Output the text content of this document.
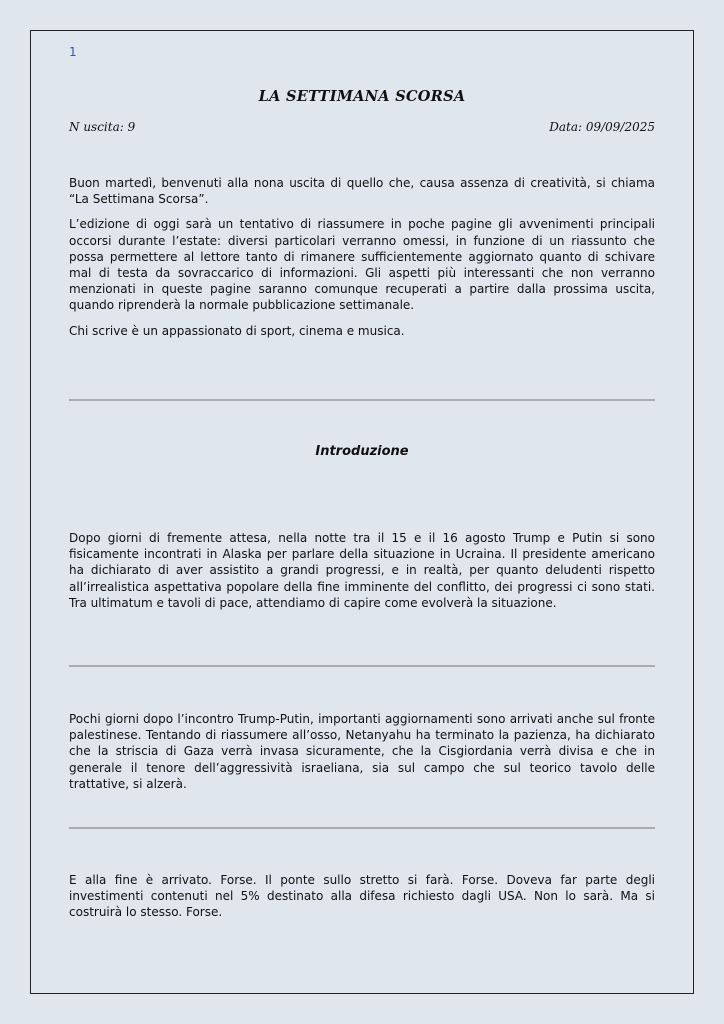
1
LA SETTIMANA SCORSA
N uscita: 9	Data: 09/09/2025

Buon martedì, benvenuti alla nona uscita di quello che, causa assenza di creatività, si chiama “La Settimana Scorsa”.

L’edizione di oggi sarà un tentativo di riassumere in poche pagine gli avvenimenti principali occorsi durante l’estate: diversi particolari verranno omessi, in funzione di un riassunto che possa permettere al lettore tanto di rimanere sufficientemente aggiornato quanto di schivare mal di testa da sovraccarico di informazioni. Gli aspetti più interessanti che non verranno menzionati in queste pagine saranno comunque recuperati a partire dalla prossima uscita, quando riprenderà la normale pubblicazione settimanale.

Chi scrive è un appassionato di sport, cinema e musica.

Introduzione

Dopo giorni di fremente attesa, nella notte tra il 15 e il 16 agosto Trump e Putin si sono fisicamente incontrati in Alaska per parlare della situazione in Ucraina. Il presidente americano ha dichiarato di aver assistito a grandi progressi, e in realtà, per quanto deludenti rispetto all’irrealistica aspettativa popolare della fine imminente del conflitto, dei progressi ci sono stati. Tra ultimatum e tavoli di pace, attendiamo di capire come evolverà la situazione.

Pochi giorni dopo l’incontro Trump-Putin, importanti aggiornamenti sono arrivati anche sul fronte palestinese. Tentando di riassumere all’osso, Netanyahu ha terminato la pazienza, ha dichiarato che la striscia di Gaza verrà invasa sicuramente, che la Cisgiordania verrà divisa e che in generale il tenore dell’aggressività israeliana, sia sul campo che sul teorico tavolo delle trattative, si alzerà.

E alla fine è arrivato. Forse. Il ponte sullo stretto si farà. Forse. Doveva far parte degli investimenti contenuti nel 5% destinato alla difesa richiesto dagli USA. Non lo sarà. Ma si costruirà lo stesso. Forse.
